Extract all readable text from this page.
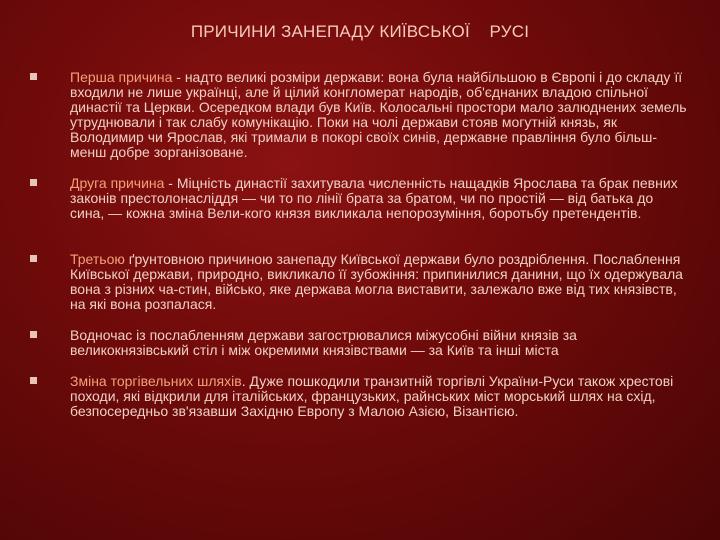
ПРИЧИНИ ЗАНЕПАДУ КИЇВСЬКОЇ    РУСІ
Перша причина - надто великі розміри держави: вона була найбільшою в Європі і до складу її входили не лише українці, але й цілий конгломерат народів, об'єднаних владою спільної династії та Церкви. Осередком влади був Київ. Колосальні простори мало залюднених земель утруднювали і так слабу комунікацію. Поки на чолі держави стояв могутній князь, як Володимир чи Ярослав, які тримали в покорі своїх синів, державне правління було більш-менш добре зорганізоване.
Друга причина - Міцність династії захитувала численність нащадків Ярослава та брак певних законів престолонаслiддя — чи то по лінії брата за братом, чи по простій — від батька до сина, — кожна зміна Вели-кого князя викликала непорозуміння, боротьбу претендентів.
Третьою ґрунтовною причиною занепаду Київської держави було роздріблення. Послаблення Київської держави, природно, викликало її зубожіння: припинилися данини, що їх одержувала вона з різних ча-стин, військо, яке держава могла виставити, залежало вже від тих князівств, на які вона розпалася.
Водночас із послабленням держави загострювалися міжусобні війни князів за великокнязівський стіл і між окремими князівствами — за Київ та інші міста
Зміна торгівельних шляхів. Дуже пошкодили транзитній торгівлі України-Руси також хрестові походи, які відкрили для італійських, французьких, райнських міст морський шлях на схід, безпосередньо зв'язавши Західню Европу з Малою Азією, Візантією.
